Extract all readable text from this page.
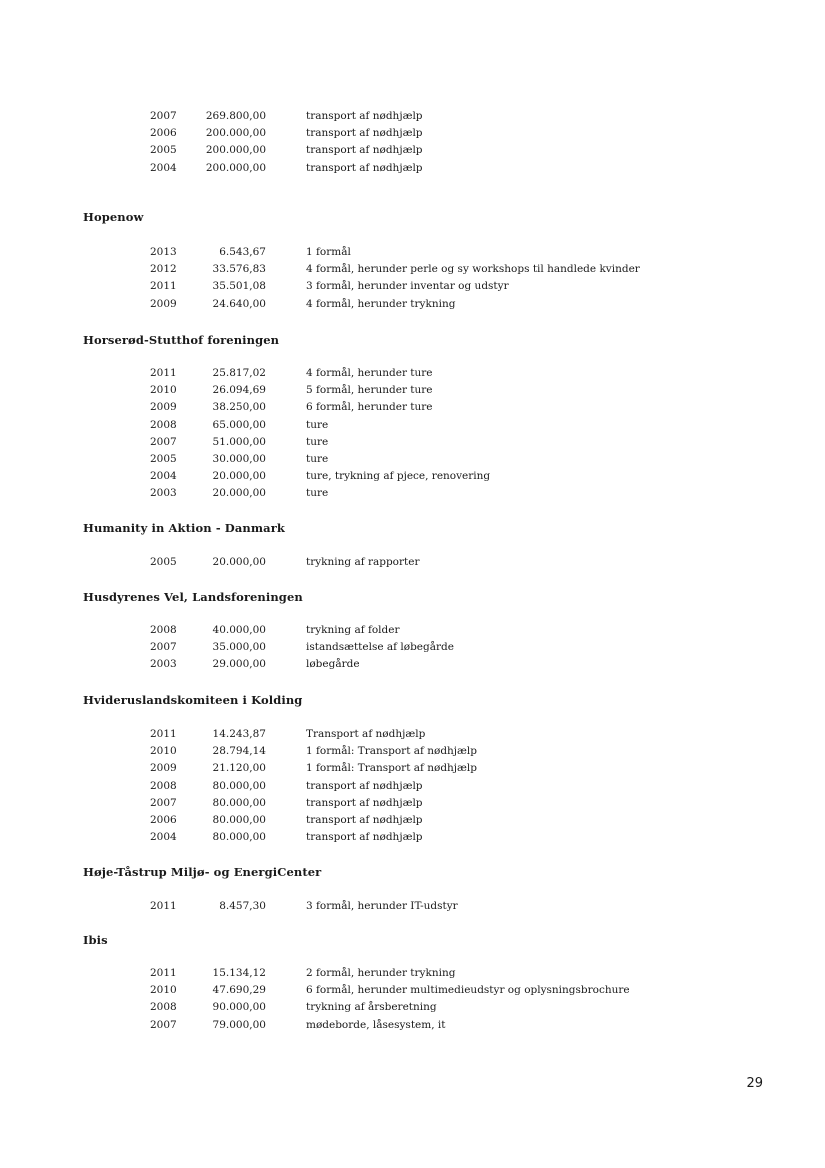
2007	269.800,00	transport af nødhjælp
2006	200.000,00	transport af nødhjælp
2005	200.000,00	transport af nødhjælp
2004	200.000,00	transport af nødhjælp
Hopenow
2013	6.543,67	1 formål
2012	33.576,83	4 formål, herunder perle og sy workshops til handlede kvinder
2011	35.501,08	3 formål, herunder inventar og udstyr
2009	24.640,00	4 formål, herunder trykning
Horserød-Stutthof foreningen
2011	25.817,02	4 formål, herunder ture
2010	26.094,69	5 formål, herunder ture
2009	38.250,00	6 formål, herunder ture
2008	65.000,00	ture
2007	51.000,00	ture
2005	30.000,00	ture
2004	20.000,00	ture, trykning af pjece, renovering
2003	20.000,00	ture
Humanity in Aktion - Danmark
2005	20.000,00	trykning af rapporter
Husdyrenes Vel, Landsforeningen
2008	40.000,00	trykning af folder
2007	35.000,00	istandsættelse af løbegårde
2003	29.000,00	løbegårde
Hvideruslandskomiteen i Kolding
2011	14.243,87	Transport af nødhjælp
2010	28.794,14	1 formål: Transport af nødhjælp
2009	21.120,00	1 formål: Transport af nødhjælp
2008	80.000,00	transport af nødhjælp
2007	80.000,00	transport af nødhjælp
2006	80.000,00	transport af nødhjælp
2004	80.000,00	transport af nødhjælp
Høje-Tåstrup Miljø- og EnergiCenter
2011	8.457,30	3 formål, herunder IT-udstyr
Ibis
2011	15.134,12	2 formål, herunder trykning
2010	47.690,29	6 formål, herunder multimedieudstyr og oplysningsbrochure
2008	90.000,00	trykning af årsberetning
2007	79.000,00	mødeborde, låsesystem, it
29
